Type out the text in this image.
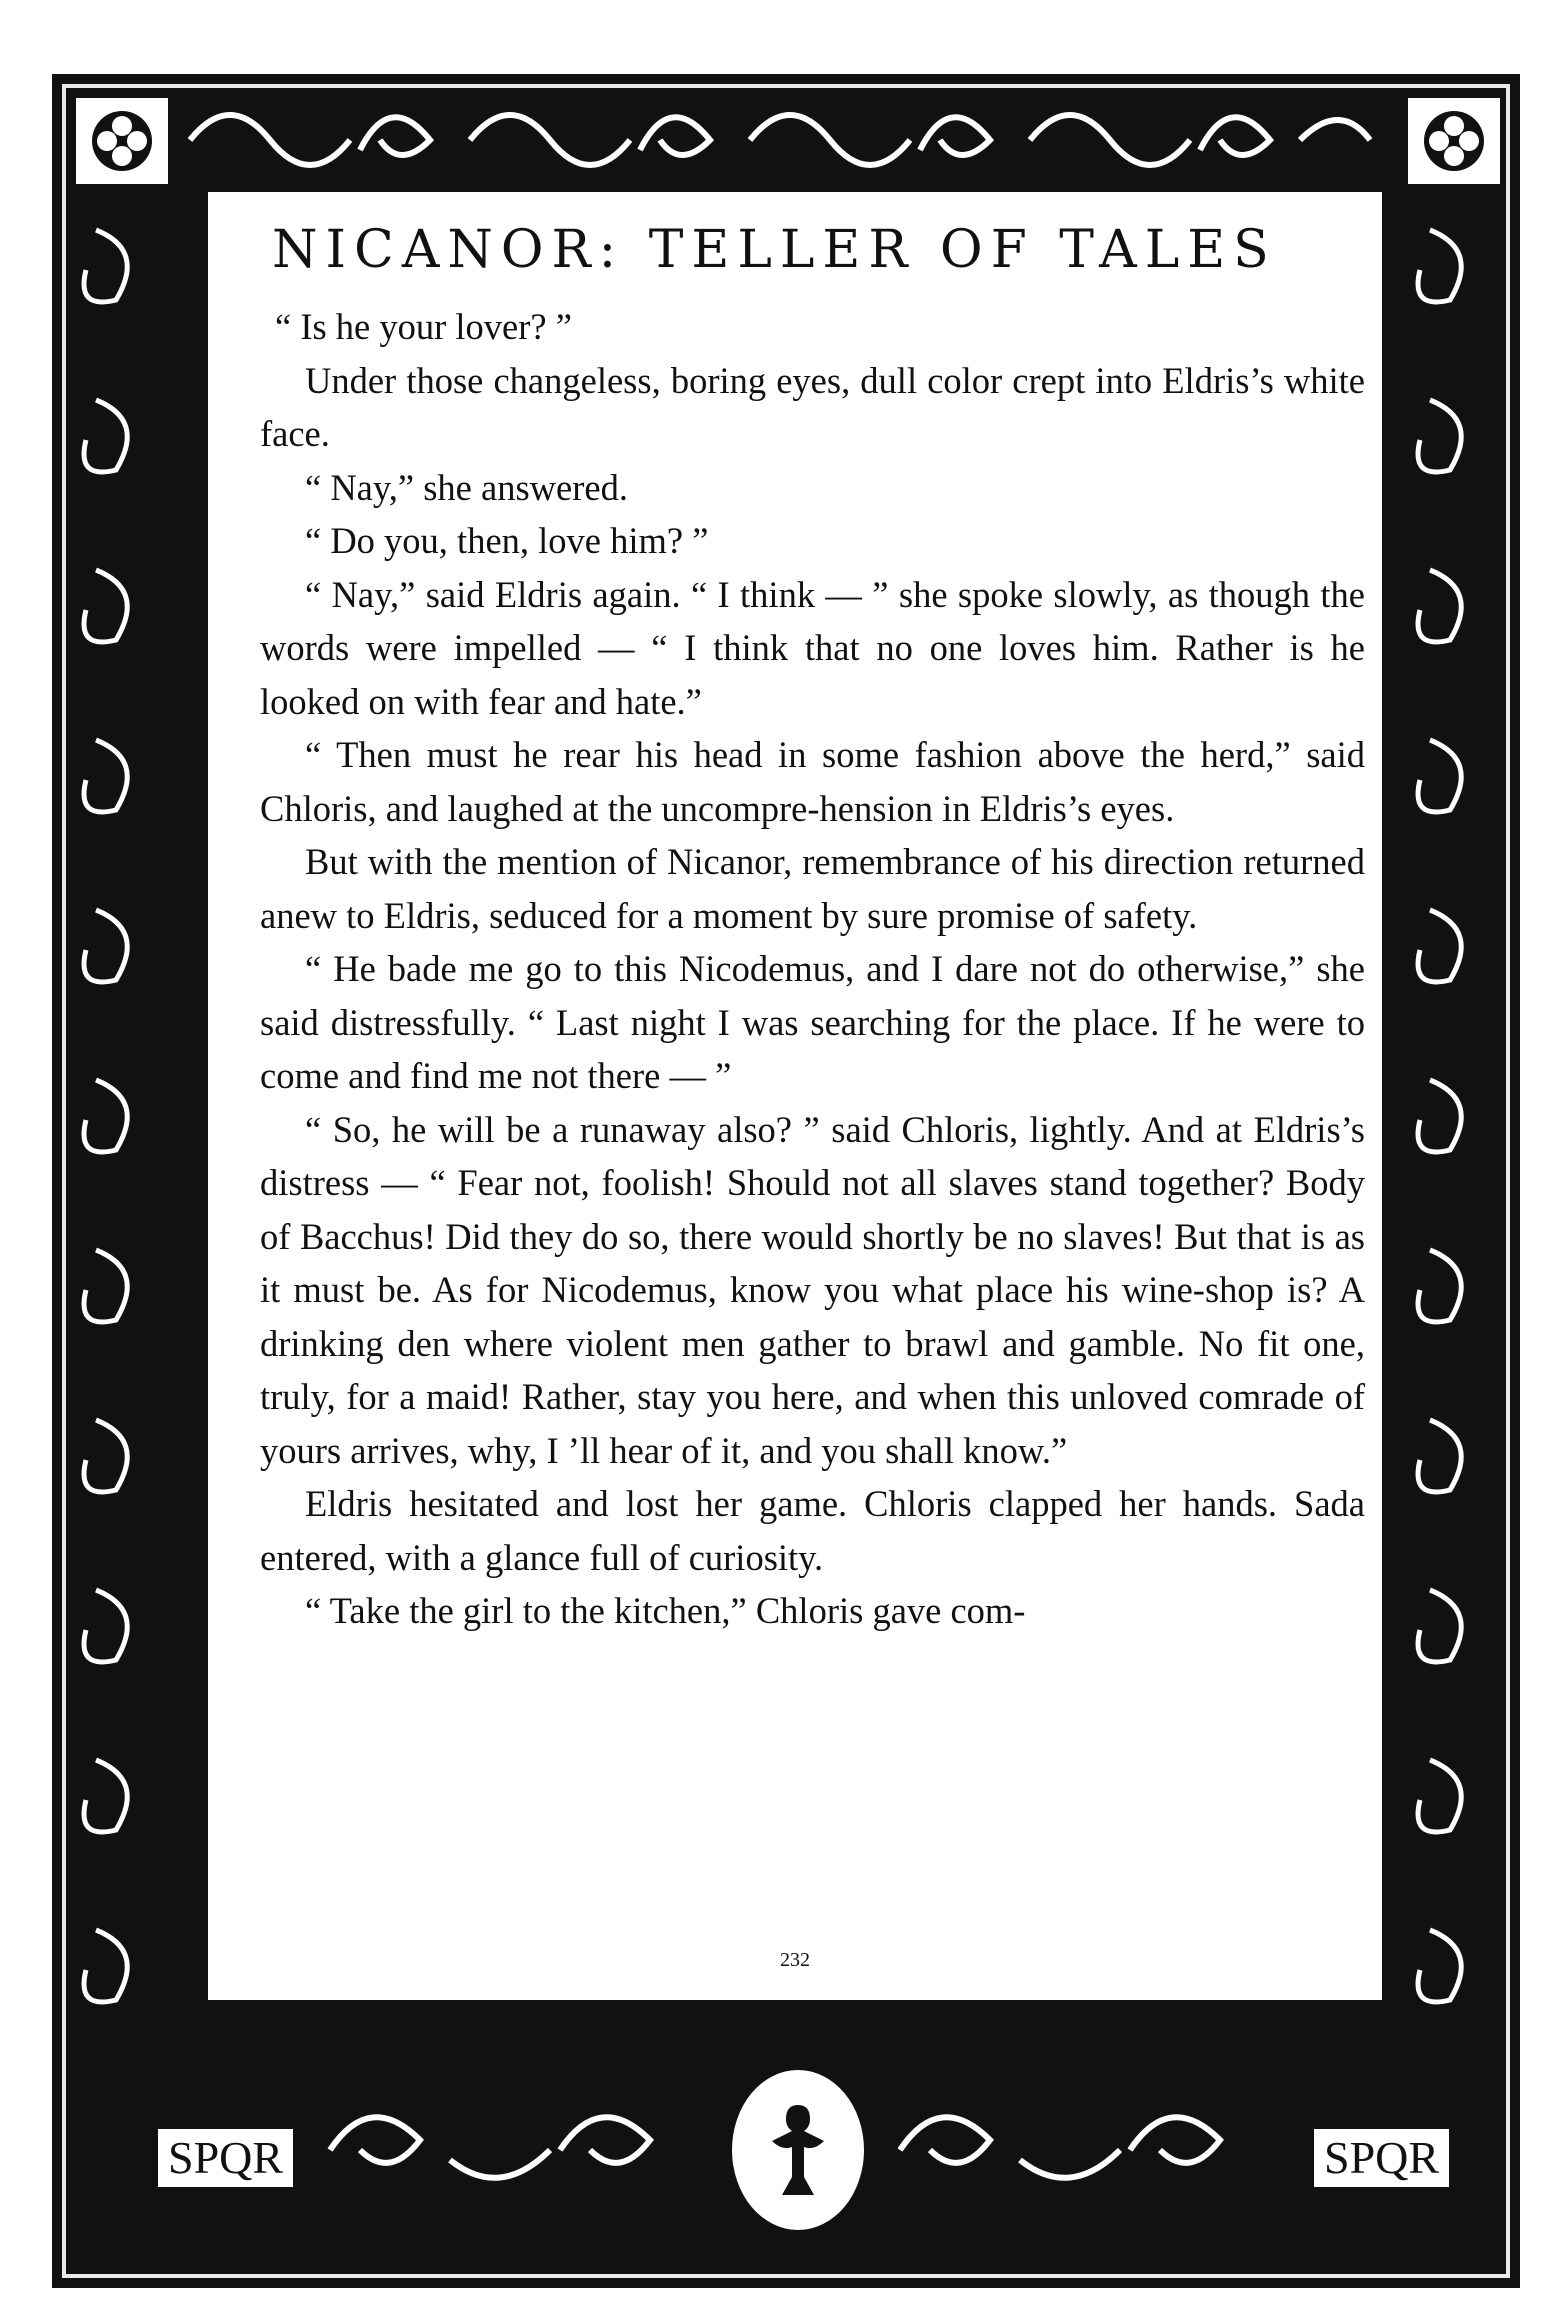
NICANOR: TELLER OF TALES

“ Is he your lover? ”

Under those changeless, boring eyes, dull color crept into Eldris’s white face.

“ Nay,” she answered.

“ Do you, then, love him? ”

“ Nay,” said Eldris again. “ I think — ” she spoke slowly, as though the words were impelled — “ I think that no one loves him. Rather is he looked on with fear and hate.”

“ Then must he rear his head in some fashion above the herd,” said Chloris, and laughed at the uncompre-hension in Eldris’s eyes.

But with the mention of Nicanor, remembrance of his direction returned anew to Eldris, seduced for a moment by sure promise of safety.

“ He bade me go to this Nicodemus, and I dare not do otherwise,” she said distressfully. “ Last night I was searching for the place. If he were to come and find me not there — ”

“ So, he will be a runaway also? ” said Chloris, lightly. And at Eldris’s distress — “ Fear not, foolish! Should not all slaves stand together? Body of Bacchus! Did they do so, there would shortly be no slaves! But that is as it must be. As for Nicodemus, know you what place his wine-shop is? A drinking den where violent men gather to brawl and gamble. No fit one, truly, for a maid! Rather, stay you here, and when this unloved comrade of yours arrives, why, I ’ll hear of it, and you shall know.”

Eldris hesitated and lost her game. Chloris clapped her hands. Sada entered, with a glance full of curiosity.

“ Take the girl to the kitchen,” Chloris gave com-

232
SPQR	SPQR
